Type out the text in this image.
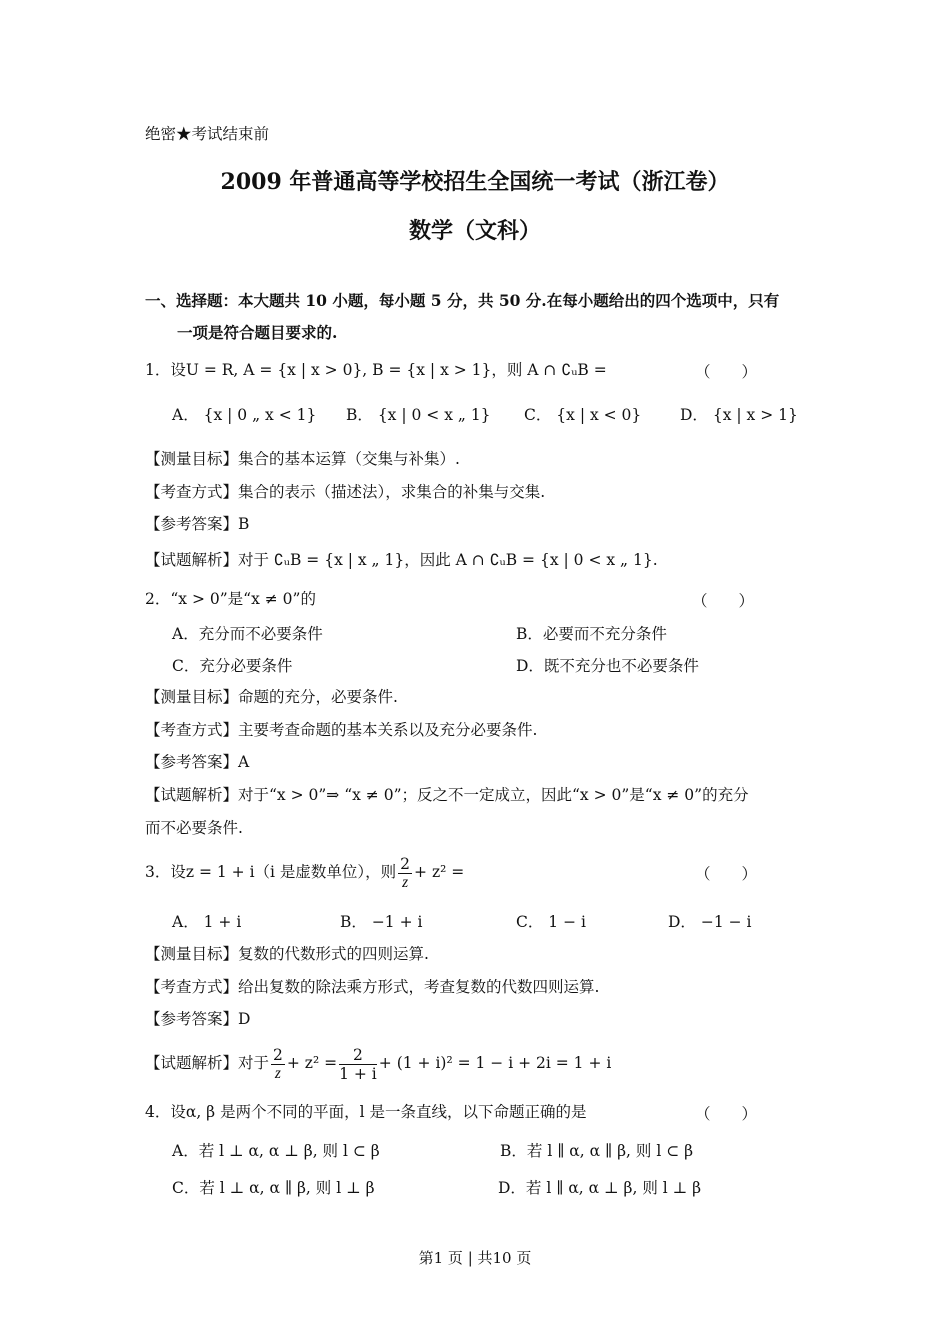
绝密★考试结束前
2009 年普通高等学校招生全国统一考试（浙江卷）
数学（文科）
一、选择题：本大题共 10 小题，每小题 5 分，共 50 分.在每小题给出的四个选项中，只有
一项是符合题目要求的.
1．设U = R, A = {x | x > 0}, B = {x | x > 1}，则 A ∩ ∁ᵤB =	（　　）
A． {x | 0 „ x < 1} B． {x | 0 < x „ 1} C． {x | x < 0} D． {x | x > 1}
【测量目标】集合的基本运算（交集与补集）.
【考查方式】集合的表示（描述法），求集合的补集与交集.
【参考答案】B
【试题解析】对于 ∁ᵤB = {x | x „ 1}，因此 A ∩ ∁ᵤB = {x | 0 < x „ 1}.
2．“x > 0”是“x ≠ 0”的	（　　）
A．充分而不必要条件	B．必要而不充分条件
C．充分必要条件	D．既不充分也不必要条件
【测量目标】命题的充分，必要条件.
【考查方式】主要考查命题的基本关系以及充分必要条件.
【参考答案】A
【试题解析】对于“x > 0”⇒ “x ≠ 0”；反之不一定成立，因此“x > 0”是“x ≠ 0”的充分
而不必要条件.
3．设z = 1 + i（i 是虚数单位），则 $\frac{2}{z} + z^2$ =	（　　）
A． 1 + i	B． −1 + i	C． 1 − i	D． −1 − i
【测量目标】复数的代数形式的四则运算.
【考查方式】给出复数的除法乘方形式，考查复数的代数四则运算.
【参考答案】D
【试题解析】对于 $\frac{2}{z} + z^2 = \frac{2}{1 + i} + (1 + i)^2 = 1 - i + 2i = 1 + i$
4．设α, β 是两个不同的平面，l 是一条直线，以下命题正确的是	（　　）
A．若 l ⊥ α, α ⊥ β, 则 l ⊂ β	B．若 l ∥ α, α ∥ β, 则 l ⊂ β
C．若 l ⊥ α, α ∥ β, 则 l ⊥ β	D．若 l ∥ α, α ⊥ β, 则 l ⊥ β
第1 页 | 共10 页
